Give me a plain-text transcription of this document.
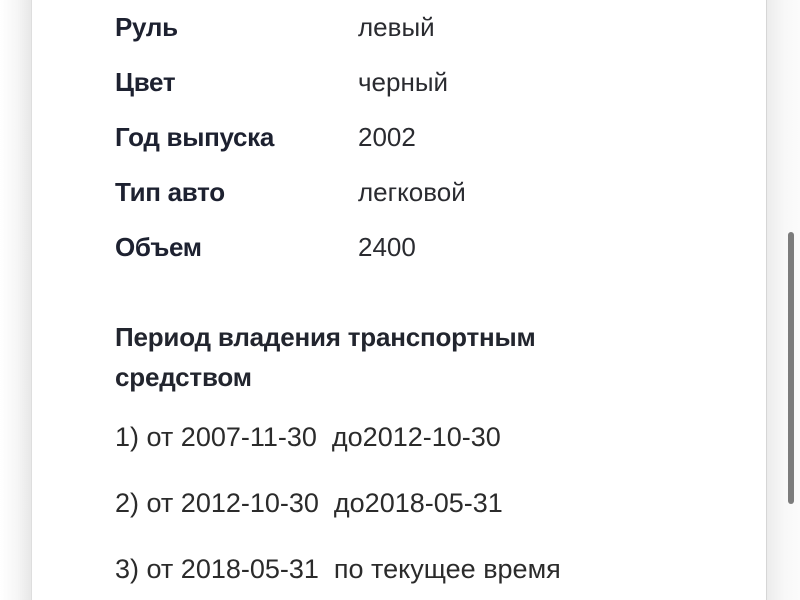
Руль	левый
Цвет	черный
Год выпуска	2002
Тип авто	легковой
Объем	2400
Период владения транспортным средством
1) от 2007-11-30  до2012-10-30
2) от 2012-10-30  до2018-05-31
3) от 2018-05-31  по текущее время
